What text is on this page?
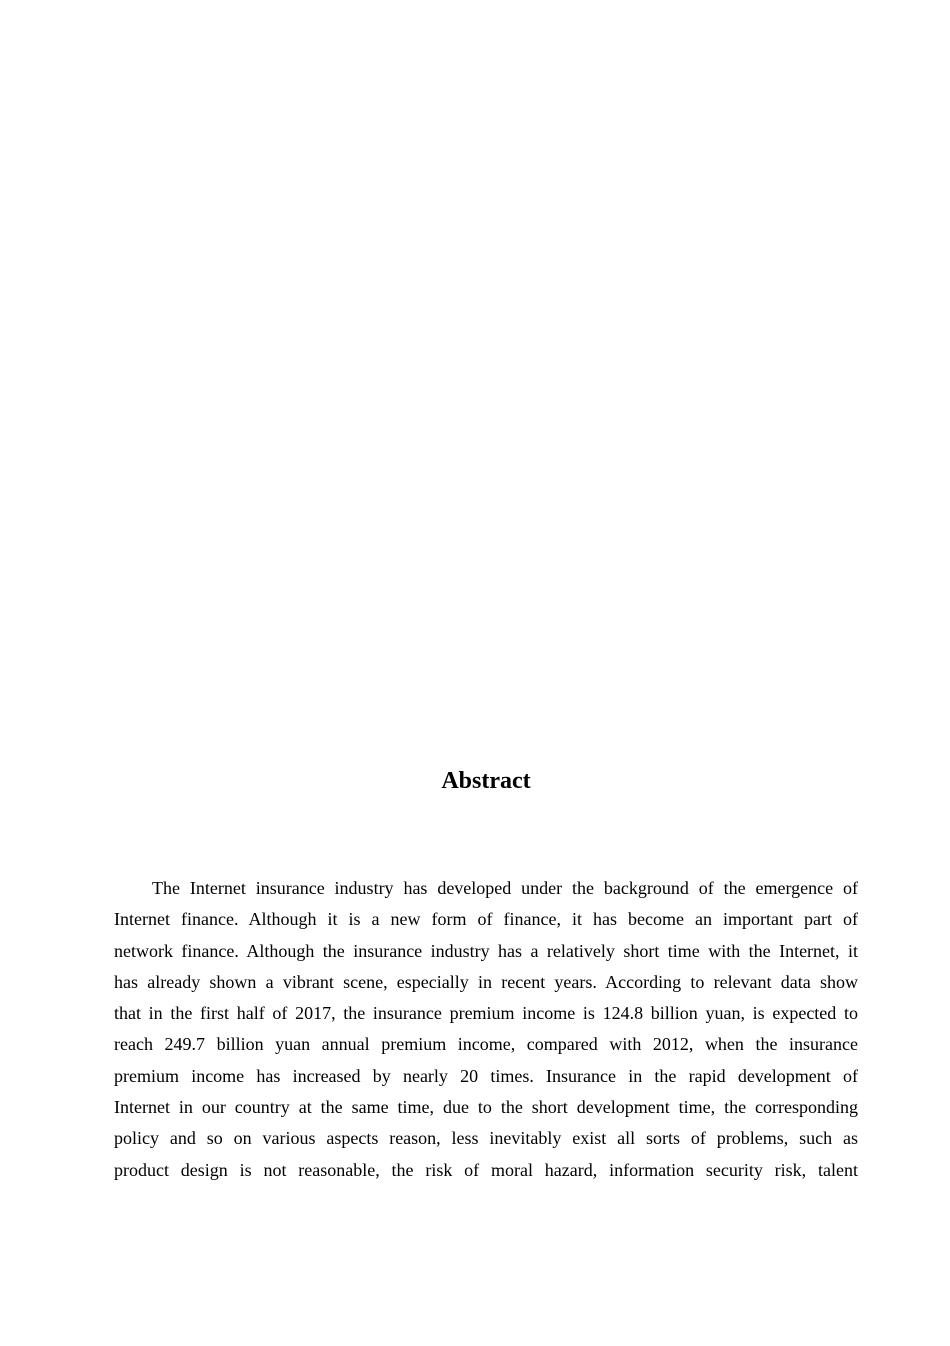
Abstract
The Internet insurance industry has developed under the background of the emergence of
Internet finance. Although it is a new form of finance, it has become an important part of
network finance. Although the insurance industry has a relatively short time with the Internet, it
has already shown a vibrant scene, especially in recent years. According to relevant data show
that in the first half of 2017, the insurance premium income is 124.8 billion yuan, is expected to
reach 249.7 billion yuan annual premium income, compared with 2012, when the insurance
premium income has increased by nearly 20 times. Insurance in the rapid development of
Internet in our country at the same time, due to the short development time, the corresponding
policy and so on various aspects reason, less inevitably exist all sorts of problems, such as
product design is not reasonable, the risk of moral hazard, information security risk, talent
